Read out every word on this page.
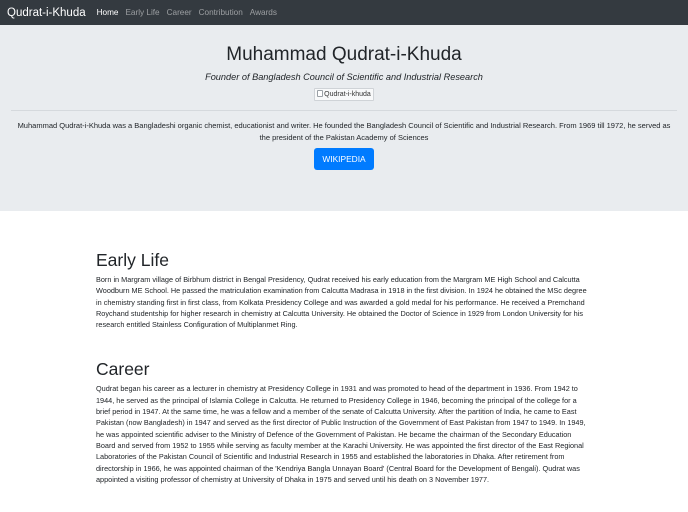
Qudrat-i-Khuda Home Early Life Career Contribution Awards
Muhammad Qudrat-i-Khuda

Founder of Bangladesh Council of Scientific and Industrial Research

Qudrat-i-khuda

Muhammad Qudrat-i-Khuda was a Bangladeshi organic chemist, educationist and writer. He founded the Bangladesh Council of Scientific and Industrial Research. From 1969 till 1972, he served as the president of the Pakistan Academy of Sciences

WIKIPEDIA
Early Life

Born in Margram village of Birbhum district in Bengal Presidency, Qudrat received his early education from the Margram ME High School and Calcutta Woodburn ME School. He passed the matriculation examination from Calcutta Madrasa in 1918 in the first division. In 1924 he obtained the MSc degree in chemistry standing first in first class, from Kolkata Presidency College and was awarded a gold medal for his performance. He received a Premchand Roychand studentship for higher research in chemistry at Calcutta University. He obtained the Doctor of Science in 1929 from London University for his research entitled Stainless Configuration of Multiplanmet Ring.

Career

Qudrat began his career as a lecturer in chemistry at Presidency College in 1931 and was promoted to head of the department in 1936. From 1942 to 1944, he served as the principal of Islamia College in Calcutta. He returned to Presidency College in 1946, becoming the principal of the college for a brief period in 1947. At the same time, he was a fellow and a member of the senate of Calcutta University. After the partition of India, he came to East Pakistan (now Bangladesh) in 1947 and served as the first director of Public Instruction of the Government of East Pakistan from 1947 to 1949. In 1949, he was appointed scientific adviser to the Ministry of Defence of the Government of Pakistan. He became the chairman of the Secondary Education Board and served from 1952 to 1955 while serving as faculty member at the Karachi University. He was appointed the first director of the East Regional Laboratories of the Pakistan Council of Scientific and Industrial Research in 1955 and established the laboratories in Dhaka. After retirement from directorship in 1966, he was appointed chairman of the 'Kendriya Bangla Unnayan Board' (Central Board for the Development of Bengali). Qudrat was appointed a visiting professor of chemistry at University of Dhaka in 1975 and served until his death on 3 November 1977.
